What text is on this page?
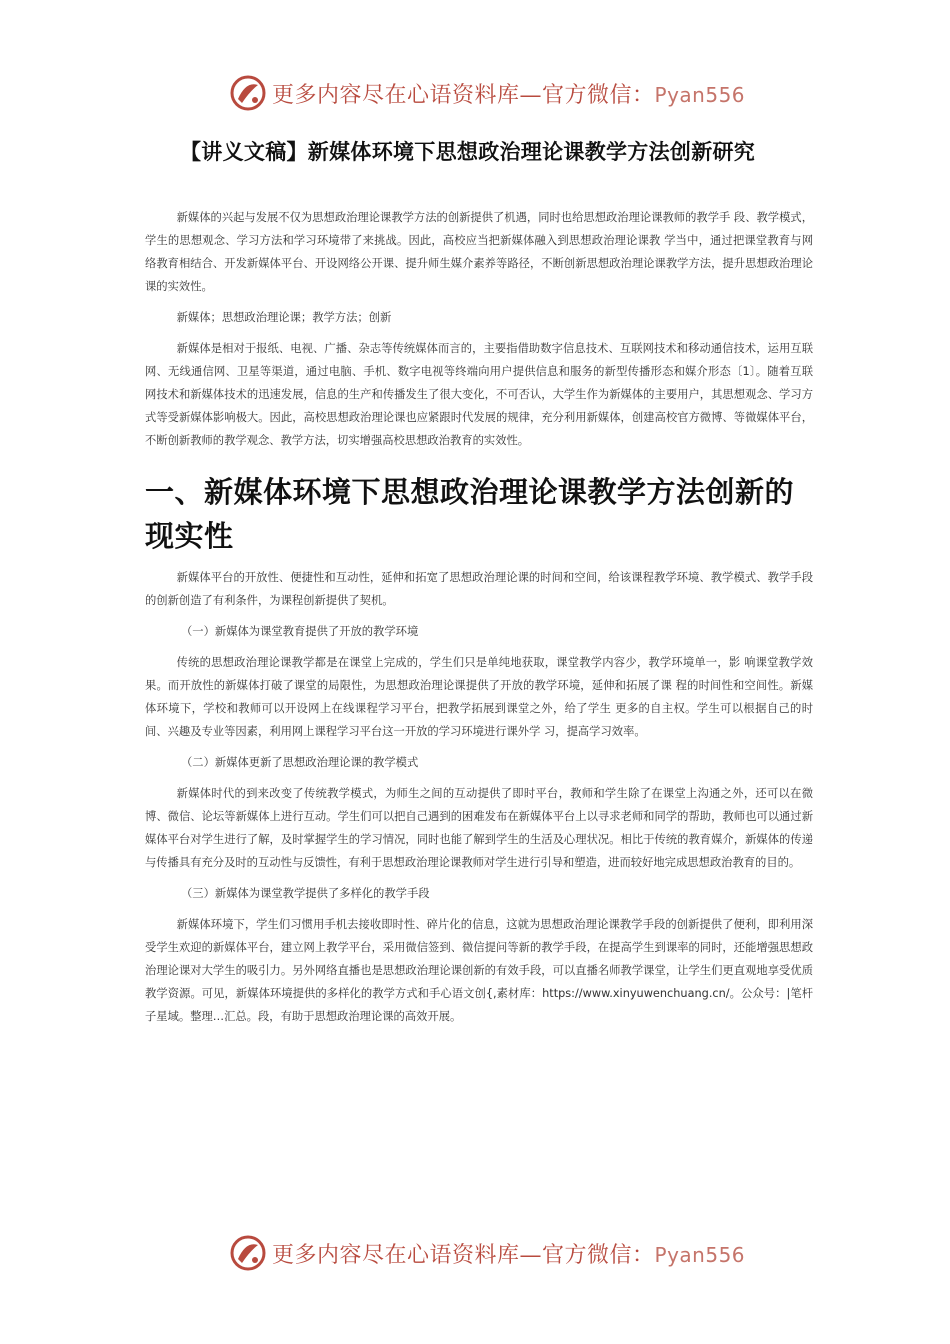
更多内容尽在心语资料库—官方微信：Pyan556
【讲义文稿】新媒体环境下思想政治理论课教学方法创新研究

新媒体的兴起与发展不仅为思想政治理论课教学方法的创新提供了机遇，同时也给思想政治理论课教师的教学手 段、教学模式，学生的思想观念、学习方法和学习环境带了来挑战。因此，高校应当把新媒体融入到思想政治理论课教 学当中，通过把课堂教育与网络教育相结合、开发新媒体平台、开设网络公开课、提升师生媒介素养等路径，不断创新思想政治理论课教学方法，提升思想政治理论课的实效性。

新媒体；思想政治理论课；教学方法；创新

新媒体是相对于报纸、电视、广播、杂志等传统媒体而言的，主要指借助数字信息技术、互联网技术和移动通信技术，运用互联网、无线通信网、卫星等渠道，通过电脑、手机、数字电视等终端向用户提供信息和服务的新型传播形态和媒介形态〔1〕。随着互联网技术和新媒体技术的迅速发展，信息的生产和传播发生了很大变化，不可否认，大学生作为新媒体的主要用户，其思想观念、学习方式等受新媒体影响极大。因此，高校思想政治理论课也应紧跟时代发展的规律，充分利用新媒体，创建高校官方微博、等微媒体平台，不断创新教师的教学观念、教学方法，切实增强高校思想政治教育的实效性。

一、新媒体环境下思想政治理论课教学方法创新的现实性

新媒体平台的开放性、便捷性和互动性，延伸和拓宽了思想政治理论课的时间和空间，给该课程教学环境、教学模式、教学手段的创新创造了有利条件，为课程创新提供了契机。

（一）新媒体为课堂教育提供了开放的教学环境

传统的思想政治理论课教学都是在课堂上完成的，学生们只是单纯地获取，课堂教学内容少，教学环境单一，影 响课堂教学效果。而开放性的新媒体打破了课堂的局限性，为思想政治理论课提供了开放的教学环境，延伸和拓展了课 程的时间性和空间性。新媒体环境下，学校和教师可以开设网上在线课程学习平台，把教学拓展到课堂之外，给了学生 更多的自主权。学生可以根据自己的时间、兴趣及专业等因素，利用网上课程学习平台这一开放的学习环境进行课外学 习，提高学习效率。

（二）新媒体更新了思想政治理论课的教学模式

新媒体时代的到来改变了传统教学模式，为师生之间的互动提供了即时平台，教师和学生除了在课堂上沟通之外，还可以在微博、微信、论坛等新媒体上进行互动。学生们可以把自己遇到的困难发布在新媒体平台上以寻求老师和同学的帮助，教师也可以通过新媒体平台对学生进行了解，及时掌握学生的学习情况，同时也能了解到学生的生活及心理状况。相比于传统的教育媒介，新媒体的传递与传播具有充分及时的互动性与反馈性，有利于思想政治理论课教师对学生进行引导和塑造，进而较好地完成思想政治教育的目的。

（三）新媒体为课堂教学提供了多样化的教学手段

新媒体环境下，学生们习惯用手机去接收即时性、碎片化的信息，这就为思想政治理论课教学手段的创新提供了便利，即利用深受学生欢迎的新媒体平台，建立网上教学平台，采用微信签到、微信提问等新的教学手段，在提高学生到课率的同时，还能增强思想政治理论课对大学生的吸引力。另外网络直播也是思想政治理论课创新的有效手段，可以直播名师教学课堂，让学生们更直观地享受优质教学资源。可见，新媒体环境提供的多样化的教学方式和手心语文创{,素材库：https://www.xinyuwenchuang.cn/。公众号：|笔杆子星域。整理…汇总。段，有助于思想政治理论课的高效开展。

更多内容尽在心语资料库—官方微信：Pyan556
